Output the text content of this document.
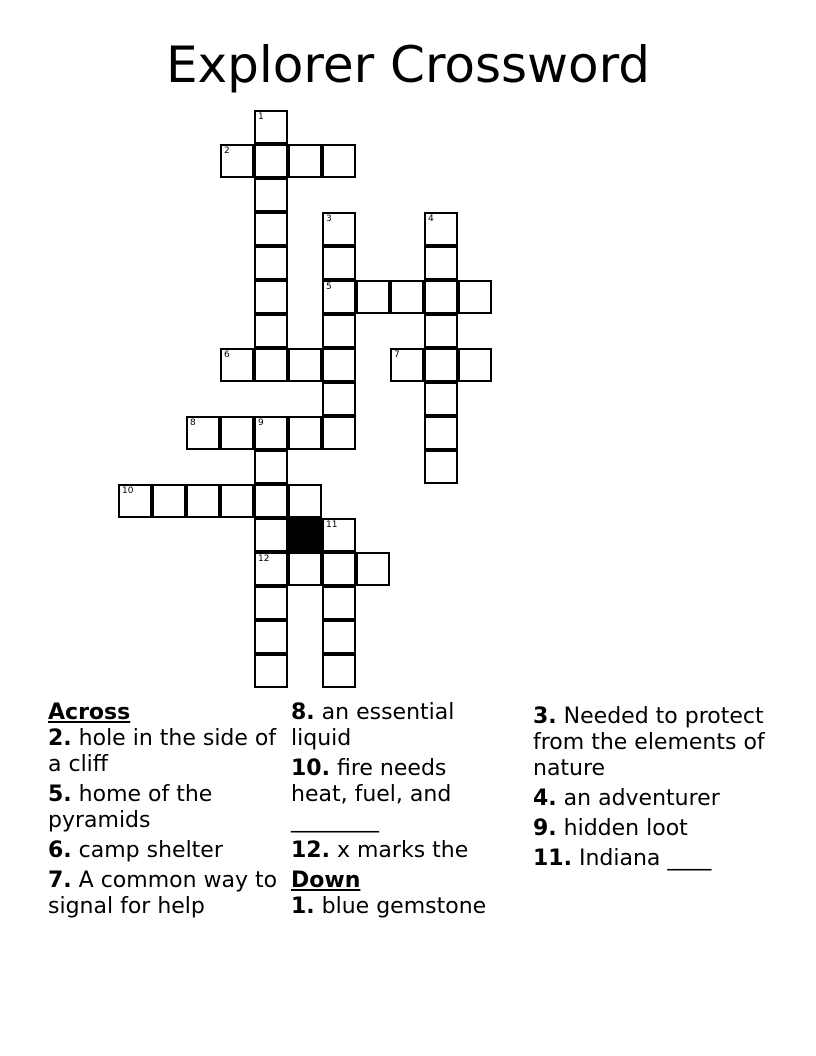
Explorer Crossword
1
2
3	4
5
6	7
8	9
10
11
12
Across
2. hole in the side of a cliff
5. home of the pyramids
6. camp shelter
7. A common way to signal for help
8. an essential liquid
10. fire needs heat, fuel, and ________
12. x marks the
Down
1. blue gemstone
3. Needed to protect from the elements of nature
4. an adventurer
9. hidden loot
11. Indiana ____
